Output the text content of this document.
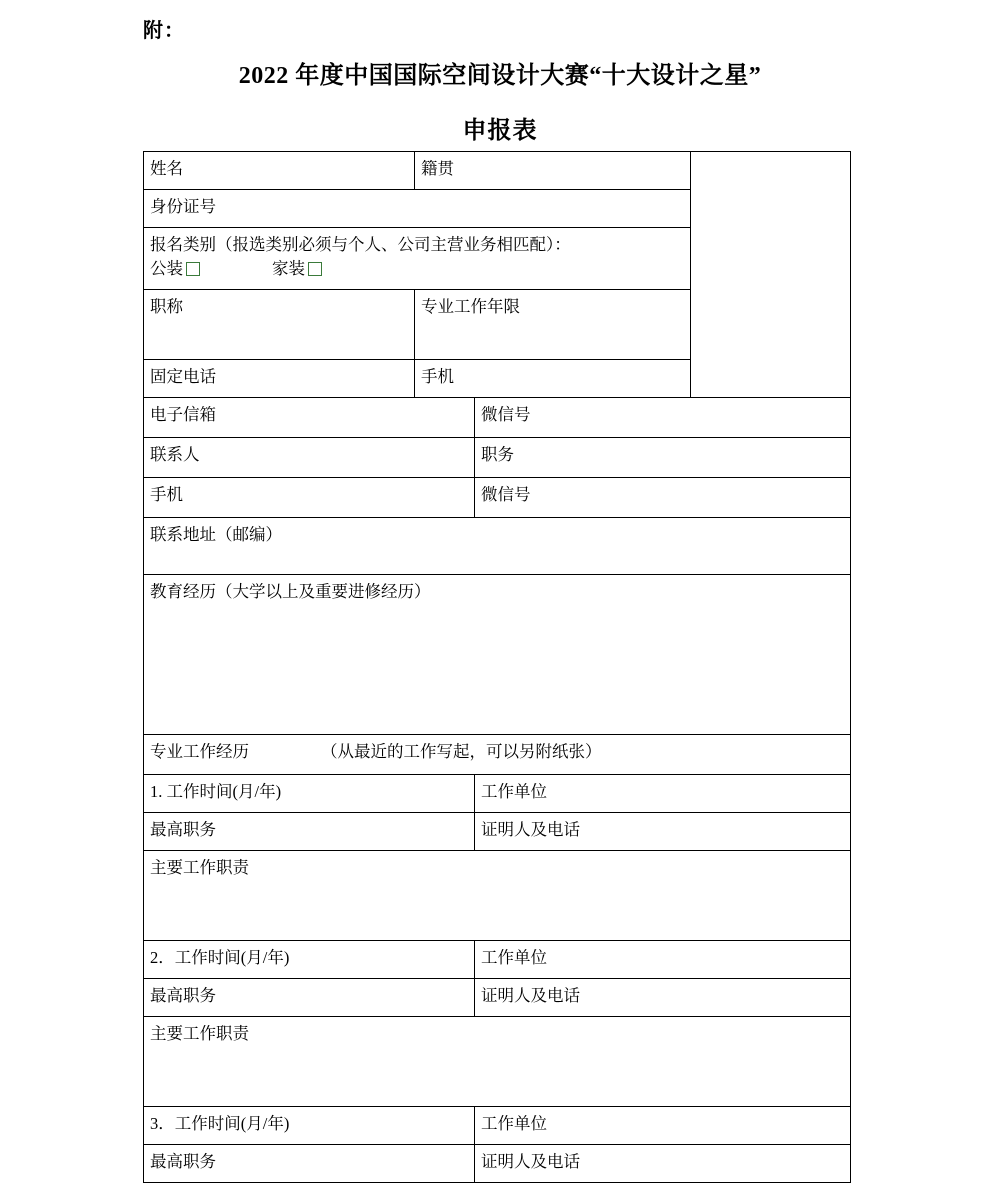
附：
2022 年度中国国际空间设计大赛“十大设计之星”
申报表
姓名	籍贯		
身份证号			
报名类别（报选类别必须与个人、公司主营业务相匹配）：
公装 家装			
职称	专业工作年限		
固定电话	手机		
电子信箱		微信号	
联系人		职务	
手机		微信号	
联系地址（邮编）			
教育经历（大学以上及重要进修经历）			
专业工作经历 （从最近的工作写起，可以另附纸张）			
1. 工作时间(月/年)		工作单位	
最高职务		证明人及电话	
主要工作职责			
2．工作时间(月/年)		工作单位	
最高职务		证明人及电话	
主要工作职责			
3．工作时间(月/年)		工作单位	
最高职务		证明人及电话	
